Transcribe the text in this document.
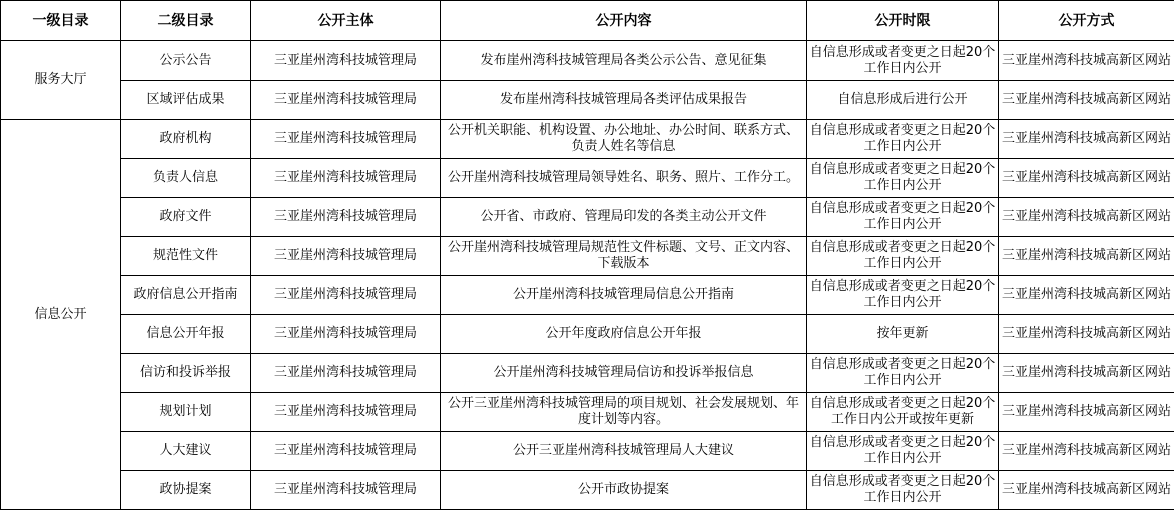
一级目录	二级目录	公开主体	公开内容	公开时限	公开方式
服务大厅	公示公告	三亚崖州湾科技城管理局	发布崖州湾科技城管理局各类公示公告、意见征集	自信息形成或者变更之日起20个工作日内公开	三亚崖州湾科技城高新区网站
	区域评估成果	三亚崖州湾科技城管理局	发布崖州湾科技城管理局各类评估成果报告	自信息形成后进行公开	三亚崖州湾科技城高新区网站
信息公开	政府机构	三亚崖州湾科技城管理局	公开机关职能、机构设置、办公地址、办公时间、联系方式、负责人姓名等信息	自信息形成或者变更之日起20个工作日内公开	三亚崖州湾科技城高新区网站
	负责人信息	三亚崖州湾科技城管理局	公开崖州湾科技城管理局领导姓名、职务、照片、工作分工。	自信息形成或者变更之日起20个工作日内公开	三亚崖州湾科技城高新区网站
	政府文件	三亚崖州湾科技城管理局	公开省、市政府、管理局印发的各类主动公开文件	自信息形成或者变更之日起20个工作日内公开	三亚崖州湾科技城高新区网站
	规范性文件	三亚崖州湾科技城管理局	公开崖州湾科技城管理局规范性文件标题、文号、正文内容、下载版本	自信息形成或者变更之日起20个工作日内公开	三亚崖州湾科技城高新区网站
	政府信息公开指南	三亚崖州湾科技城管理局	公开崖州湾科技城管理局信息公开指南	自信息形成或者变更之日起20个工作日内公开	三亚崖州湾科技城高新区网站
	信息公开年报	三亚崖州湾科技城管理局	公开年度政府信息公开年报	按年更新	三亚崖州湾科技城高新区网站
	信访和投诉举报	三亚崖州湾科技城管理局	公开崖州湾科技城管理局信访和投诉举报信息	自信息形成或者变更之日起20个工作日内公开	三亚崖州湾科技城高新区网站
	规划计划	三亚崖州湾科技城管理局	公开三亚崖州湾科技城管理局的项目规划、社会发展规划、年度计划等内容。	自信息形成或者变更之日起20个工作日内公开或按年更新	三亚崖州湾科技城高新区网站
	人大建议	三亚崖州湾科技城管理局	公开三亚崖州湾科技城管理局人大建议	自信息形成或者变更之日起20个工作日内公开	三亚崖州湾科技城高新区网站
	政协提案	三亚崖州湾科技城管理局	公开市政协提案	自信息形成或者变更之日起20个工作日内公开	三亚崖州湾科技城高新区网站
